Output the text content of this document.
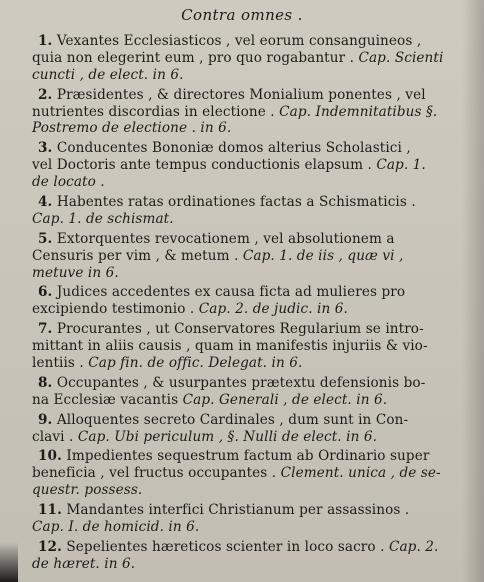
Contra omnes .
1. Vexantes Ecclesiasticos , vel eorum consanguineos ,
quia non elegerint eum , pro quo rogabantur . Cap. Scienti
cuncti , de elect. in 6.
2. Præsidentes , & directores Monialium ponentes , vel
nutrientes discordias in electione . Cap. Indemnitatibus §.
Postremo de electione . in 6.
3. Conducentes Bononiæ domos alterius Scholastici ,
vel Doctoris ante tempus conductionis elapsum . Cap. 1.
de locato .
4. Habentes ratas ordinationes factas a Schismaticis .
Cap. 1. de schismat.
5. Extorquentes revocationem , vel absolutionem a
Censuris per vim , & metum . Cap. 1. de iis , quæ vi ,
metuve in 6.
6. Judices accedentes ex causa ficta ad mulieres pro
excipiendo testimonio . Cap. 2. de judic. in 6.
7. Procurantes , ut Conservatores Regularium se intro-
mittant in aliis causis , quam in manifestis injuriis & vio-
lentiis . Cap fin. de offic. Delegat. in 6.
8. Occupantes , & usurpantes prætextu defensionis bo-
na Ecclesiæ vacantis Cap. Generali , de elect. in 6.
9. Alloquentes secreto Cardinales , dum sunt in Con-
clavi . Cap. Ubi periculum , §. Nulli de elect. in 6.
10. Impedientes sequestrum factum ab Ordinario super
beneficia , vel fructus occupantes . Clement. unica , de se-
questr. possess.
11. Mandantes interfici Christianum per assassinos .
Cap. I. de homicid. in 6.
12. Sepelientes hæreticos scienter in loco sacro . Cap. 2.
de hæret. in 6.
